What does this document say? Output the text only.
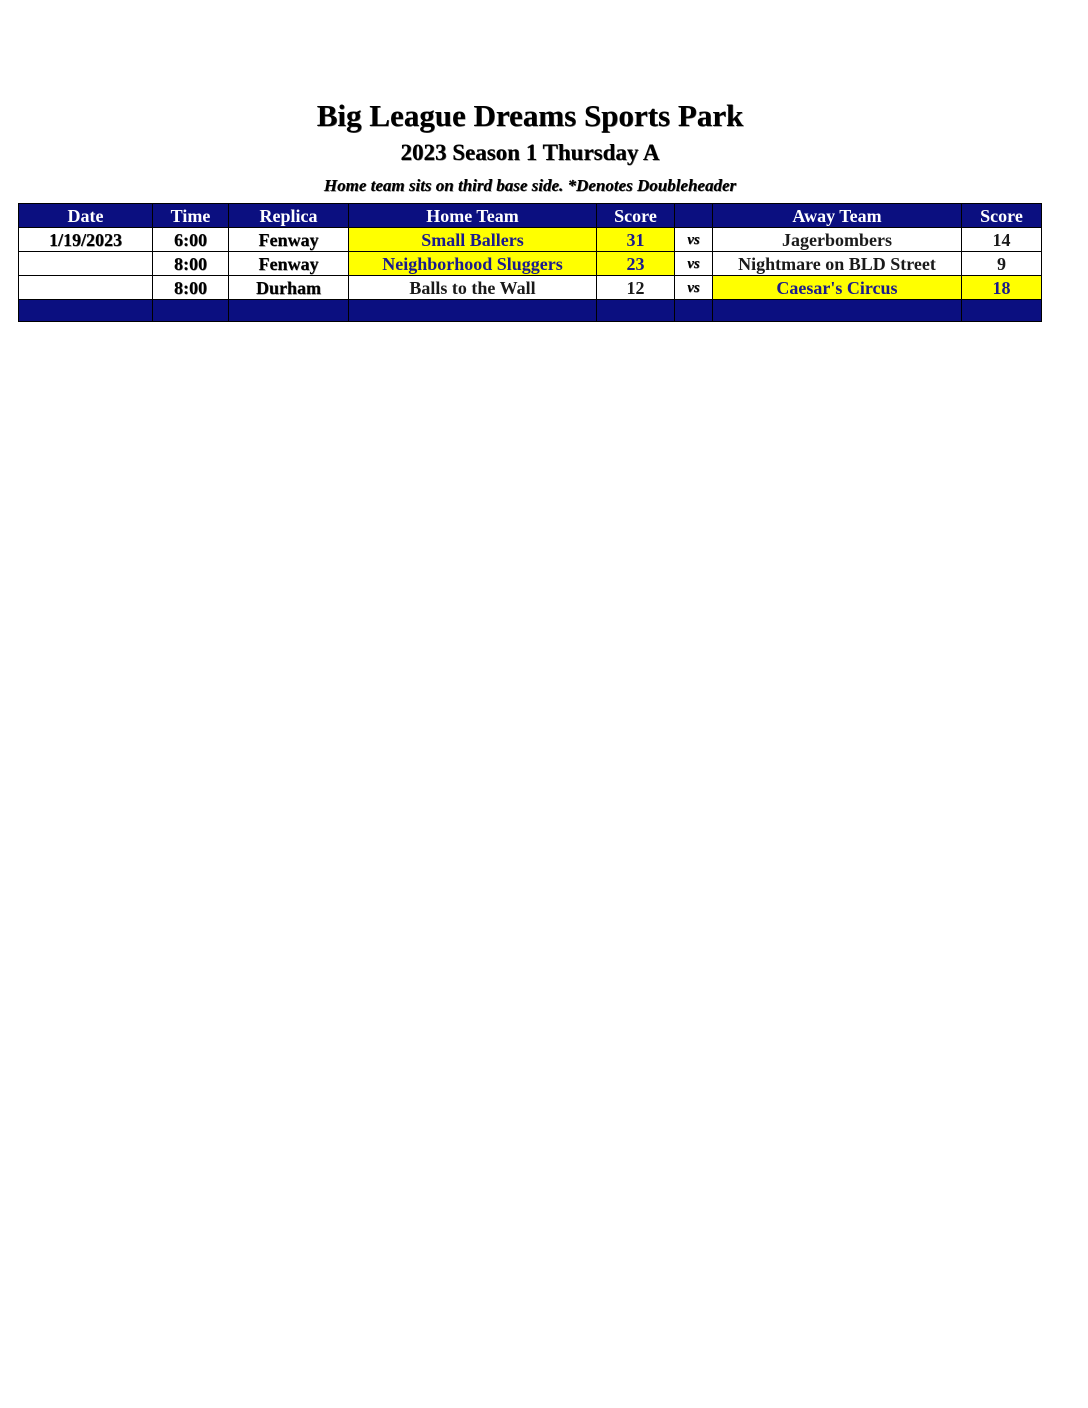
Big League Dreams Sports Park
2023 Season 1 Thursday A
Home team sits on third base side. *Denotes Doubleheader
Date	Time	Replica	Home Team	Score		Away Team	Score
1/19/2023	6:00	Fenway	Small Ballers	31	vs	Jagerbombers	14
	8:00	Fenway	Neighborhood Sluggers	23	vs	Nightmare on BLD Street	9
	8:00	Durham	Balls to the Wall	12	vs	Caesar's Circus	18
